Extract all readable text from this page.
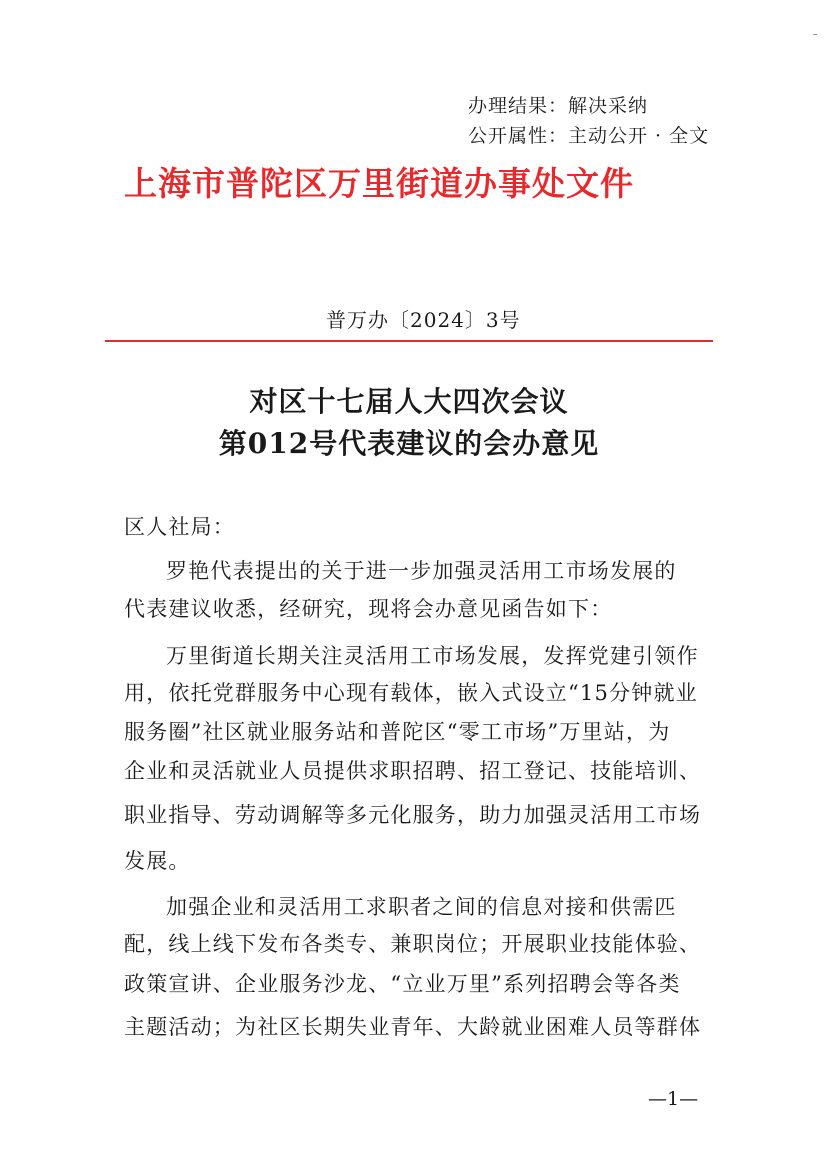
办理结果：解决采纳
公开属性：主动公开 · 全文
上海市普陀区万里街道办事处文件
普万办〔2024〕3号
对区十七届人大四次会议
第012号代表建议的会办意见
区人社局：
罗艳代表提出的关于进一步加强灵活用工市场发展的
代表建议收悉，经研究，现将会办意见函告如下：
万里街道长期关注灵活用工市场发展，发挥党建引领作
用，依托党群服务中心现有载体，嵌入式设立“15分钟就业
服务圈”社区就业服务站和普陀区“零工市场”万里站，为
企业和灵活就业人员提供求职招聘、招工登记、技能培训、
职业指导、劳动调解等多元化服务，助力加强灵活用工市场
发展。
加强企业和灵活用工求职者之间的信息对接和供需匹
配，线上线下发布各类专、兼职岗位；开展职业技能体验、
政策宣讲、企业服务沙龙、“立业万里”系列招聘会等各类
主题活动；为社区长期失业青年、大龄就业困难人员等群体
—1—
